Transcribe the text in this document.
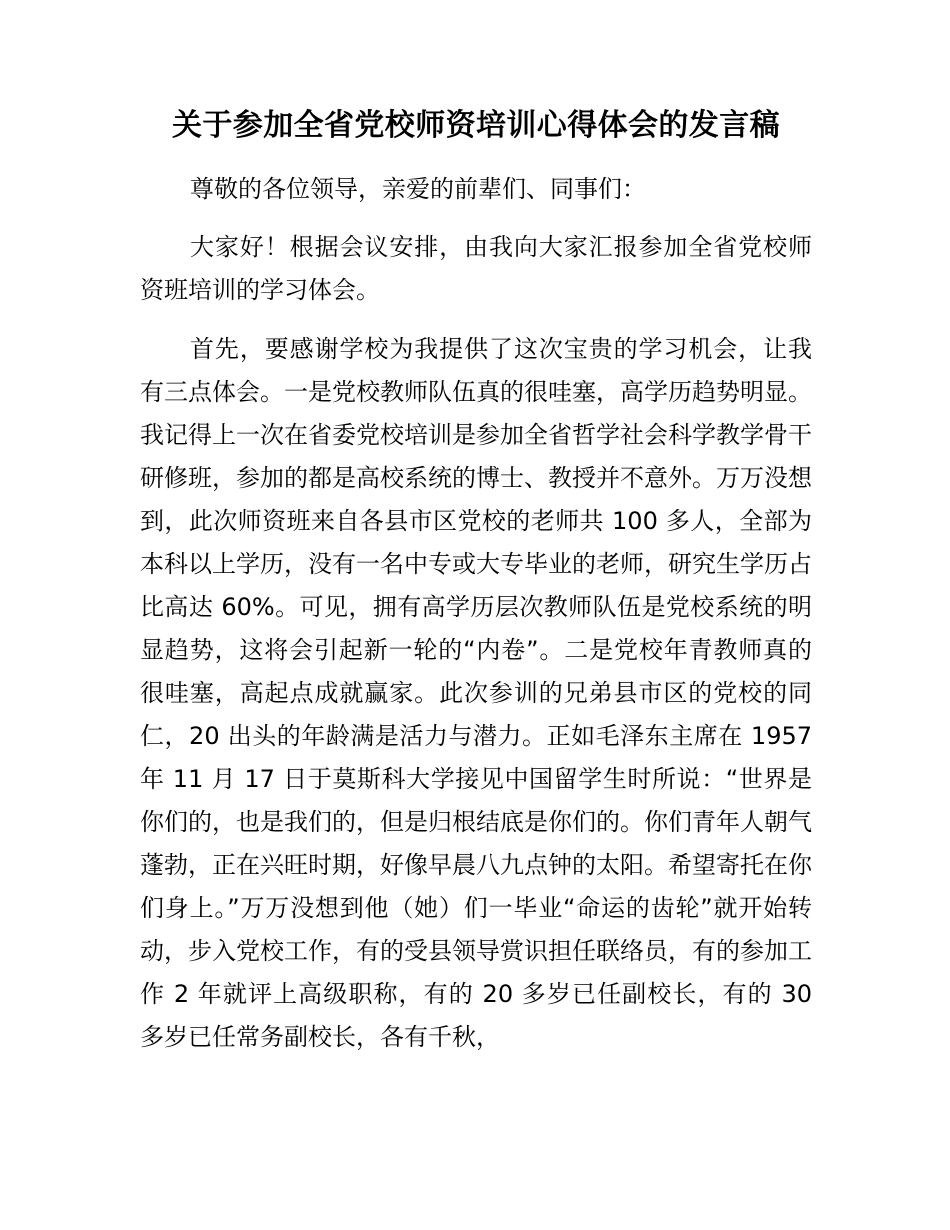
关于参加全省党校师资培训心得体会的发言稿

尊敬的各位领导，亲爱的前辈们、同事们：

大家好！根据会议安排，由我向大家汇报参加全省党校师资班培训的学习体会。

首先，要感谢学校为我提供了这次宝贵的学习机会，让我有三点体会。一是党校教师队伍真的很哇塞，高学历趋势明显。我记得上一次在省委党校培训是参加全省哲学社会科学教学骨干研修班，参加的都是高校系统的博士、教授并不意外。万万没想到，此次师资班来自各县市区党校的老师共 100 多人，全部为本科以上学历，没有一名中专或大专毕业的老师，研究生学历占比高达 60%。可见，拥有高学历层次教师队伍是党校系统的明显趋势，这将会引起新一轮的“内卷”。二是党校年青教师真的很哇塞，高起点成就赢家。此次参训的兄弟县市区的党校的同仁，20 出头的年龄满是活力与潜力。正如毛泽东主席在 1957 年 11 月 17 日于莫斯科大学接见中国留学生时所说：“世界是你们的，也是我们的，但是归根结底是你们的。你们青年人朝气蓬勃，正在兴旺时期，好像早晨八九点钟的太阳。希望寄托在你们身上。”万万没想到他（她）们一毕业“命运的齿轮”就开始转动，步入党校工作，有的受县领导赏识担任联络员，有的参加工作 2 年就评上高级职称，有的 20 多岁已任副校长，有的 30 多岁已任常务副校长，各有千秋，
